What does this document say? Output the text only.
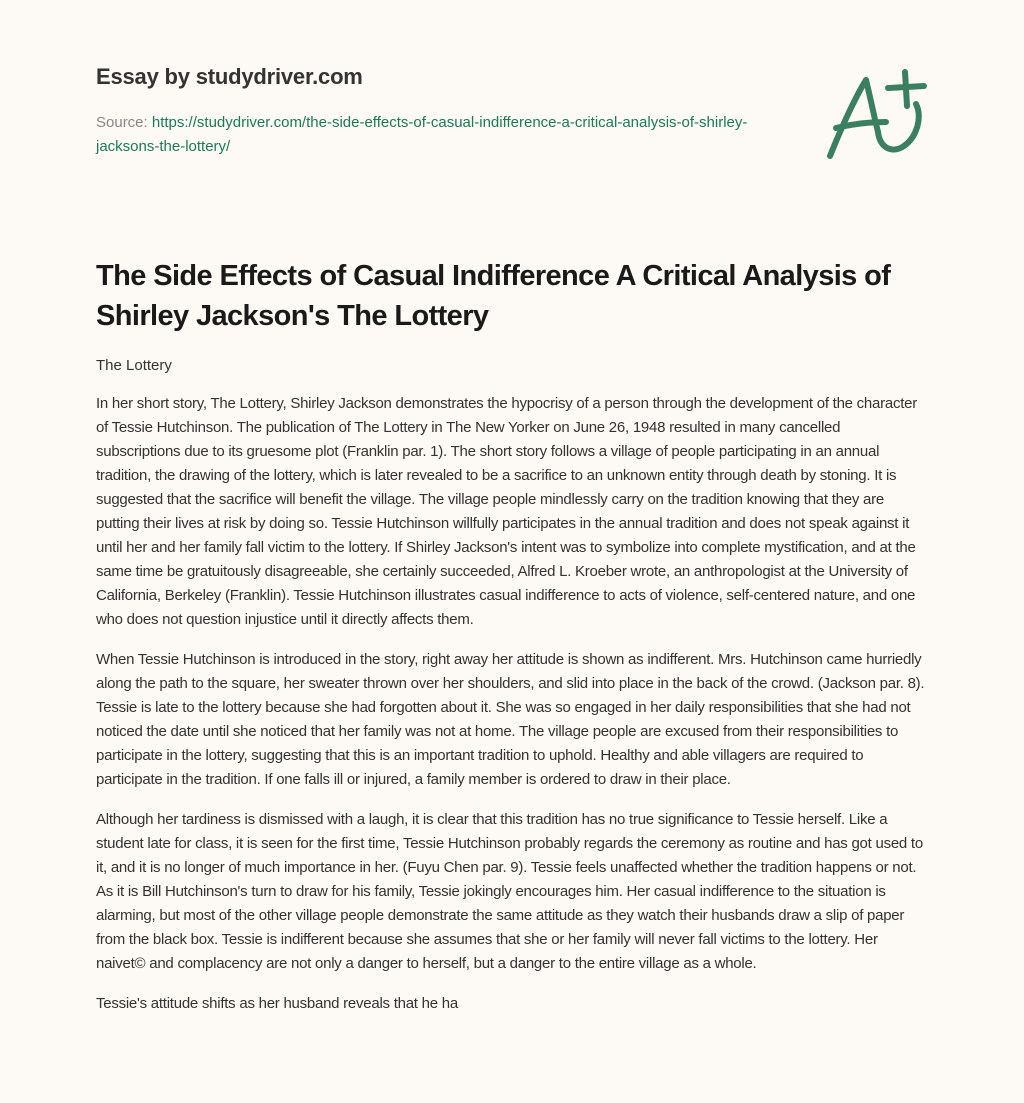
Essay by studydriver.com
Source: https://studydriver.com/the-side-effects-of-casual-indifference-a-critical-analysis-of-shirley-jacksons-the-lottery/
The Side Effects of Casual Indifference A Critical Analysis of Shirley Jackson's The Lottery
The Lottery

In her short story, The Lottery, Shirley Jackson demonstrates the hypocrisy of a person through the development of the character of Tessie Hutchinson. The publication of The Lottery in The New Yorker on June 26, 1948 resulted in many cancelled subscriptions due to its gruesome plot (Franklin par. 1). The short story follows a village of people participating in an annual tradition, the drawing of the lottery, which is later revealed to be a sacrifice to an unknown entity through death by stoning. It is suggested that the sacrifice will benefit the village. The village people mindlessly carry on the tradition knowing that they are putting their lives at risk by doing so. Tessie Hutchinson willfully participates in the annual tradition and does not speak against it until her and her family fall victim to the lottery. If Shirley Jackson's intent was to symbolize into complete mystification, and at the same time be gratuitously disagreeable, she certainly succeeded, Alfred L. Kroeber wrote, an anthropologist at the University of California, Berkeley (Franklin). Tessie Hutchinson illustrates casual indifference to acts of violence, self-centered nature, and one who does not question injustice until it directly affects them.

When Tessie Hutchinson is introduced in the story, right away her attitude is shown as indifferent. Mrs. Hutchinson came hurriedly along the path to the square, her sweater thrown over her shoulders, and slid into place in the back of the crowd. (Jackson par. 8). Tessie is late to the lottery because she had forgotten about it. She was so engaged in her daily responsibilities that she had not noticed the date until she noticed that her family was not at home. The village people are excused from their responsibilities to participate in the lottery, suggesting that this is an important tradition to uphold. Healthy and able villagers are required to participate in the tradition. If one falls ill or injured, a family member is ordered to draw in their place.

Although her tardiness is dismissed with a laugh, it is clear that this tradition has no true significance to Tessie herself. Like a student late for class, it is seen for the first time, Tessie Hutchinson probably regards the ceremony as routine and has got used to it, and it is no longer of much importance in her. (Fuyu Chen par. 9). Tessie feels unaffected whether the tradition happens or not. As it is Bill Hutchinson's turn to draw for his family, Tessie jokingly encourages him. Her casual indifference to the situation is alarming, but most of the other village people demonstrate the same attitude as they watch their husbands draw a slip of paper from the black box. Tessie is indifferent because she assumes that she or her family will never fall victims to the lottery. Her naivet© and complacency are not only a danger to herself, but a danger to the entire village as a whole.

Tessie's attitude shifts as her husband reveals that he ha
